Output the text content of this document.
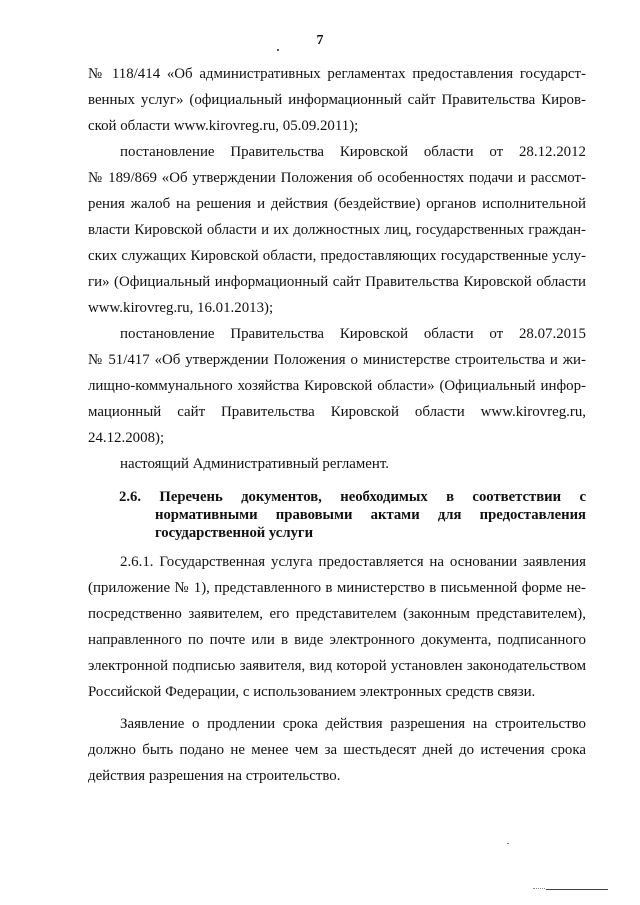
7
№ 118/414 «Об административных регламентах предоставления государст-
венных услуг» (официальный информационный сайт Правительства Киров-
ской области www.kirovreg.ru, 05.09.2011);
постановление Правительства Кировской области от 28.12.2012
№ 189/869 «Об утверждении Положения об особенностях подачи и рассмот-
рения жалоб на решения и действия (бездействие) органов исполнительной
власти Кировской области и их должностных лиц, государственных граждан-
ских служащих Кировской области, предоставляющих государственные услу-
ги» (Официальный информационный сайт Правительства Кировской области
www.kirovreg.ru, 16.01.2013);
постановление Правительства Кировской области от 28.07.2015
№ 51/417 «Об утверждении Положения о министерстве строительства и жи-
лищно-коммунального хозяйства Кировской области» (Официальный инфор-
мационный сайт Правительства Кировской области www.kirovreg.ru,
24.12.2008);
настоящий Административный регламент.
2.6. Перечень документов, необходимых в соответствии с
нормативными правовыми актами для предоставления
государственной услуги
2.6.1. Государственная услуга предоставляется на основании заявления
(приложение № 1), представленного в министерство в письменной форме не-
посредственно заявителем, его представителем (законным представителем),
направленного по почте или в виде электронного документа, подписанного
электронной подписью заявителя, вид которой установлен законодательством
Российской Федерации, с использованием электронных средств связи.
Заявление о продлении срока действия разрешения на строительство
должно быть подано не менее чем за шестьдесят дней до истечения срока
действия разрешения на строительство.
